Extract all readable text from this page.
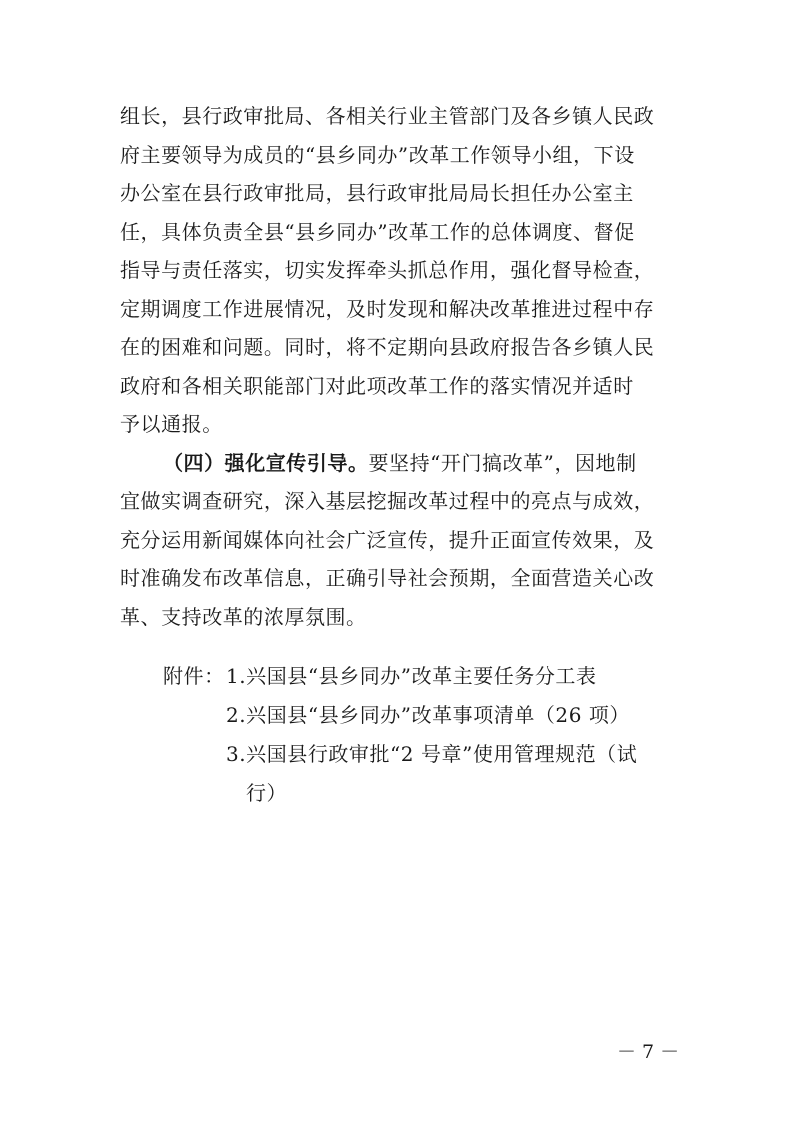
组长，县行政审批局、各相关行业主管部门及各乡镇人民政
府主要领导为成员的“县乡同办”改革工作领导小组，下设
办公室在县行政审批局，县行政审批局局长担任办公室主
任，具体负责全县“县乡同办”改革工作的总体调度、督促
指导与责任落实，切实发挥牵头抓总作用，强化督导检查，
定期调度工作进展情况，及时发现和解决改革推进过程中存
在的困难和问题。同时，将不定期向县政府报告各乡镇人民
政府和各相关职能部门对此项改革工作的落实情况并适时
予以通报。
（四）强化宣传引导。要坚持“开门搞改革”，因地制
宜做实调查研究，深入基层挖掘改革过程中的亮点与成效，
充分运用新闻媒体向社会广泛宣传，提升正面宣传效果，及
时准确发布改革信息，正确引导社会预期，全面营造关心改
革、支持改革的浓厚氛围。
附件：1.兴国县“县乡同办”改革主要任务分工表
2.兴国县“县乡同办”改革事项清单（26 项）
3.兴国县行政审批“2 号章”使用管理规范（试
行）
－ 7 －
